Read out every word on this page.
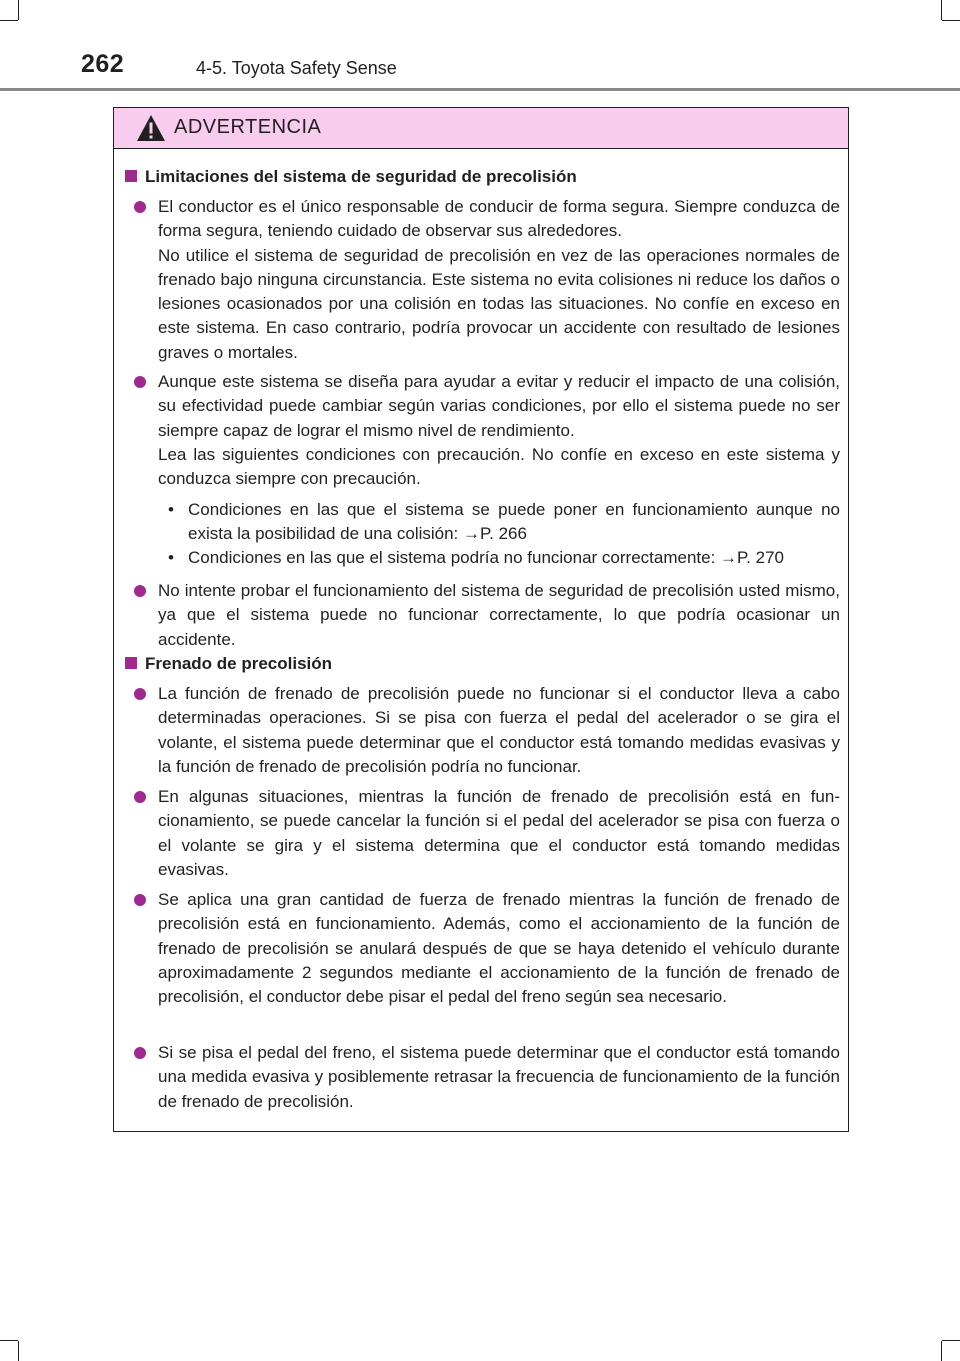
262	4-5. Toyota Safety Sense
ADVERTENCIA
Limitaciones del sistema de seguridad de precolisión

El conductor es el único responsable de conducir de forma segura. Siempre conduzca de forma segura, teniendo cuidado de observar sus alrededores.

No utilice el sistema de seguridad de precolisión en vez de las operaciones normales de frenado bajo ninguna circunstancia. Este sistema no evita colisiones ni reduce los daños o lesiones ocasionados por una colisión en todas las situaciones. No confíe en exceso en este sistema. En caso contrario, podría provocar un accidente con resultado de lesiones graves o mortales.

Aunque este sistema se diseña para ayudar a evitar y reducir el impacto de una colisión, su efectividad puede cambiar según varias condiciones, por ello el sistema puede no ser siempre capaz de lograr el mismo nivel de rendimiento.

Lea las siguientes condiciones con precaución. No confíe en exceso en este sistema y conduzca siempre con precaución.

• Condiciones en las que el sistema se puede poner en funcionamiento aunque no exista la posibilidad de una colisión: →P. 266
• Condiciones en las que el sistema podría no funcionar correctamente: →P. 270

No intente probar el funcionamiento del sistema de seguridad de precolisión usted mismo, ya que el sistema puede no funcionar correctamente, lo que podría ocasionar un accidente.

Frenado de precolisión

La función de frenado de precolisión puede no funcionar si el conductor lleva a cabo determinadas operaciones. Si se pisa con fuerza el pedal del acelerador o se gira el volante, el sistema puede determinar que el conductor está tomando medidas evasivas y la función de frenado de precolisión podría no funcionar.

En algunas situaciones, mientras la función de frenado de precolisión está en funcionamiento, se puede cancelar la función si el pedal del acelerador se pisa con fuerza o el volante se gira y el sistema determina que el conductor está tomando medidas evasivas.

Se aplica una gran cantidad de fuerza de frenado mientras la función de frenado de precolisión está en funcionamiento. Además, como el accionamiento de la función de frenado de precolisión se anulará después de que se haya detenido el vehículo durante aproximadamente 2 segundos mediante el accionamiento de la función de frenado de precolisión, el conductor debe pisar el pedal del freno según sea necesario.

Si se pisa el pedal del freno, el sistema puede determinar que el conductor está tomando una medida evasiva y posiblemente retrasar la frecuencia de funcionamiento de la función de frenado de precolisión.
